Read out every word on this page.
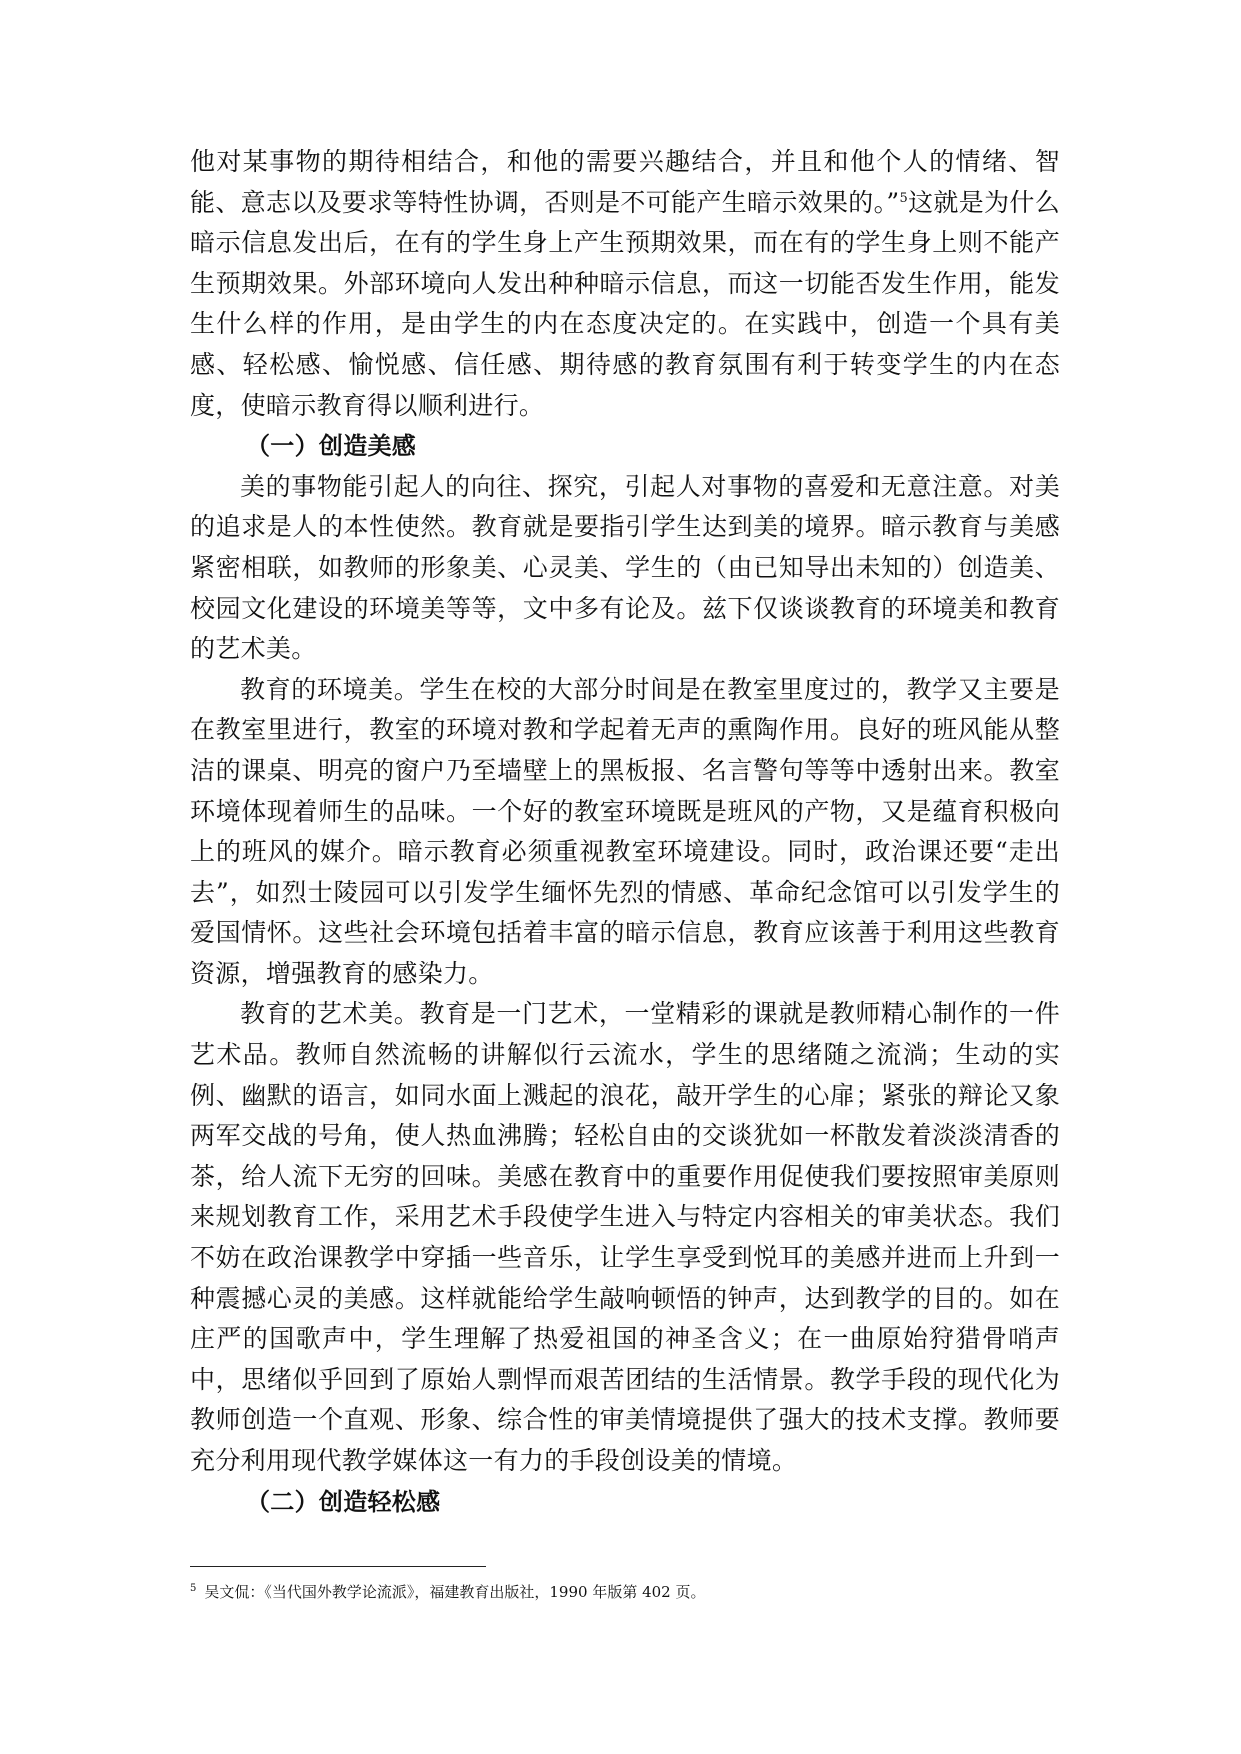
他对某事物的期待相结合，和他的需要兴趣结合，并且和他个人的情绪、智能、意志以及要求等特性协调，否则是不可能产生暗示效果的。”$^5$这就是为什么暗示信息发出后，在有的学生身上产生预期效果，而在有的学生身上则不能产生预期效果。外部环境向人发出种种暗示信息，而这一切能否发生作用，能发生什么样的作用，是由学生的内在态度决定的。在实践中，创造一个具有美感、轻松感、愉悦感、信任感、期待感的教育氛围有利于转变学生的内在态度，使暗示教育得以顺利进行。

（一）创造美感

美的事物能引起人的向往、探究，引起人对事物的喜爱和无意注意。对美的追求是人的本性使然。教育就是要指引学生达到美的境界。暗示教育与美感紧密相联，如教师的形象美、心灵美、学生的（由已知导出未知的）创造美、校园文化建设的环境美等等，文中多有论及。兹下仅谈谈教育的环境美和教育的艺术美。

教育的环境美。学生在校的大部分时间是在教室里度过的，教学又主要是在教室里进行，教室的环境对教和学起着无声的熏陶作用。良好的班风能从整洁的课桌、明亮的窗户乃至墙壁上的黑板报、名言警句等等中透射出来。教室环境体现着师生的品味。一个好的教室环境既是班风的产物，又是蕴育积极向上的班风的媒介。暗示教育必须重视教室环境建设。同时，政治课还要“走出去”，如烈士陵园可以引发学生缅怀先烈的情感、革命纪念馆可以引发学生的爱国情怀。这些社会环境包括着丰富的暗示信息，教育应该善于利用这些教育资源，增强教育的感染力。

教育的艺术美。教育是一门艺术，一堂精彩的课就是教师精心制作的一件艺术品。教师自然流畅的讲解似行云流水，学生的思绪随之流淌；生动的实例、幽默的语言，如同水面上溅起的浪花，敲开学生的心扉；紧张的辩论又象两军交战的号角，使人热血沸腾；轻松自由的交谈犹如一杯散发着淡淡清香的茶，给人流下无穷的回味。美感在教育中的重要作用促使我们要按照审美原则来规划教育工作，采用艺术手段使学生进入与特定内容相关的审美状态。我们不妨在政治课教学中穿插一些音乐，让学生享受到悦耳的美感并进而上升到一种震撼心灵的美感。这样就能给学生敲响顿悟的钟声，达到教学的目的。如在庄严的国歌声中，学生理解了热爱祖国的神圣含义；在一曲原始狩猎骨哨声中，思绪似乎回到了原始人剽悍而艰苦团结的生活情景。教学手段的现代化为教师创造一个直观、形象、综合性的审美情境提供了强大的技术支撑。教师要充分利用现代教学媒体这一有力的手段创设美的情境。

（二）创造轻松感

$^5$ 吴文侃：《当代国外教学论流派》，福建教育出版社，1990 年版第 402 页。
